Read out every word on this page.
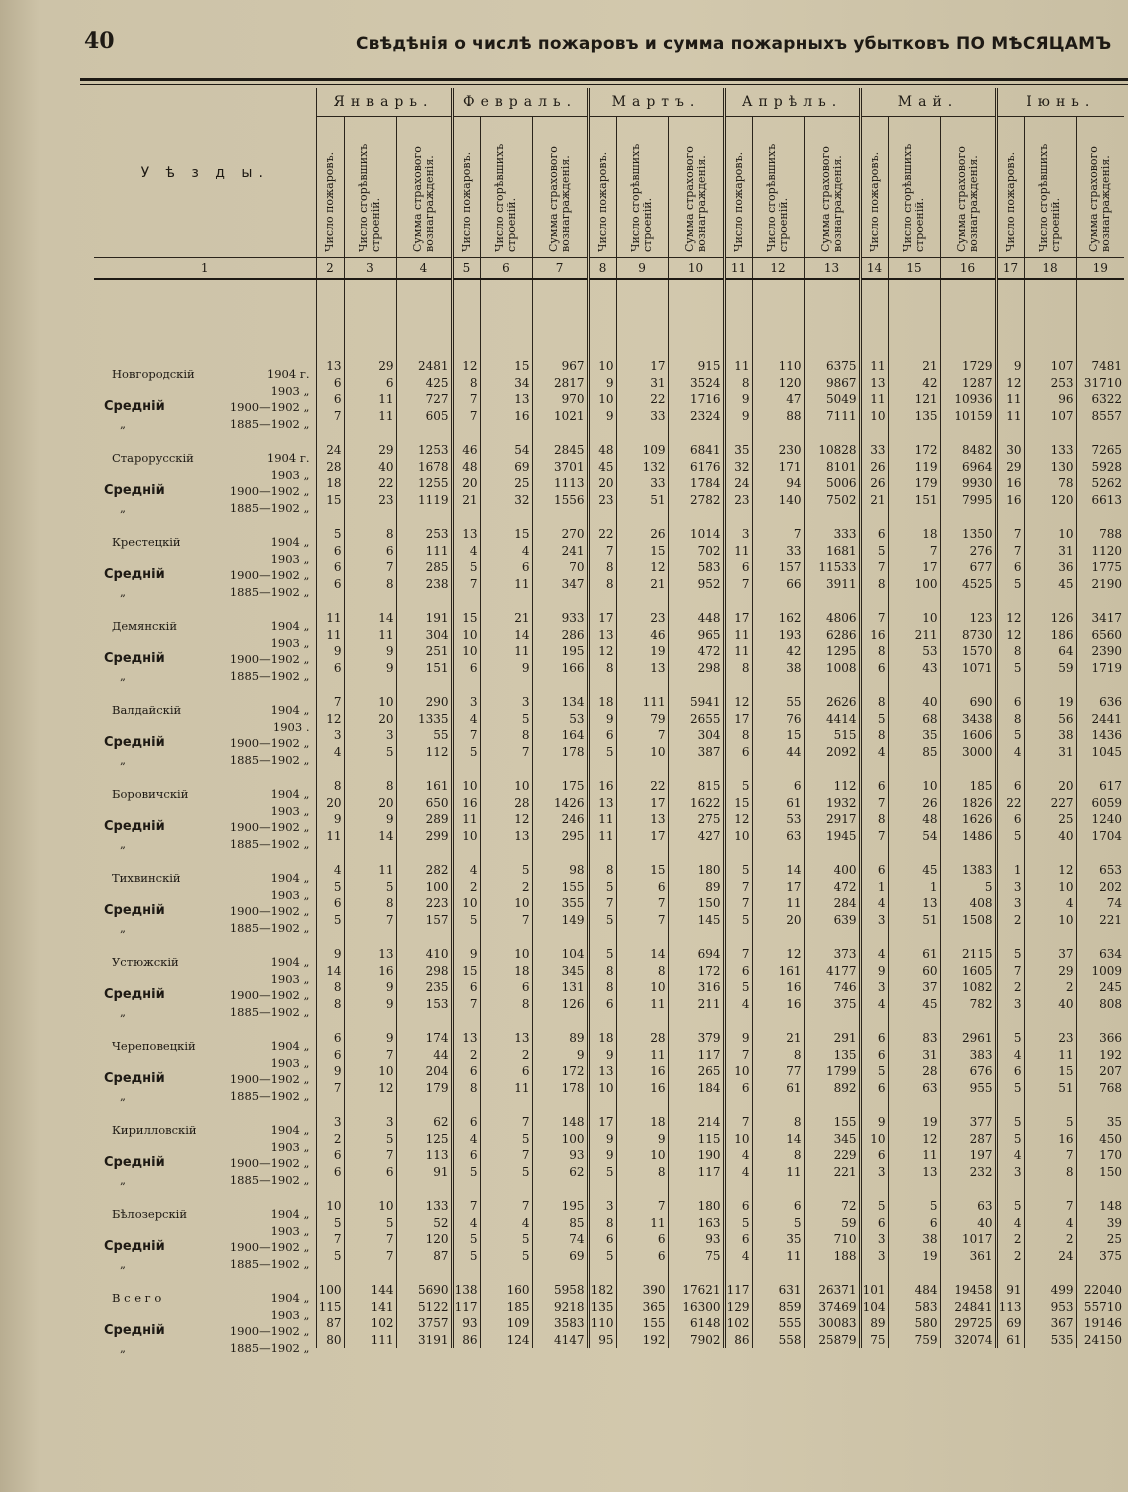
40	Свѣдѣнія о числѣ пожаровъ и сумма пожарныхъ убытковъ ПО МѢСЯЦАМЪ
У ѣ з д ы.	Январь.			Февраль.			Мартъ.			Апрѣль.			Май.			Іюнь.		

	Число пожаровъ.	Число сгорѣвшихъ строеній.	Сумма страхового вознагражденія.	Число пожаровъ.	Число сгорѣвшихъ строеній.	Сумма страхового вознагражденія.	Число пожаровъ.	Число сгорѣвшихъ строеній.	Сумма страхового вознагражденія.	Число пожаровъ.	Число сгорѣвшихъ строеній.	Сумма страхового вознагражденія.	Число пожаровъ.	Число сгорѣвшихъ строеній.	Сумма страхового вознагражденія.	Число пожаровъ.	Число сгорѣвшихъ строеній.	Сумма страхового вознагражденія.

1	2	3	4	5	6	7	8	9	10	11	12	13	14	15	16	17	18	19

Новгородскій 1904 г.	13	29	2481	12	15	967	10	17	915	11	110	6375	11	21	1729	9	107	7481

1903 „	6	6	425	8	34	2817	9	31	3524	8	120	9867	13	42	1287	12	253	31710

Средній 1900—1902 „	6	11	727	7	13	970	10	22	1716	9	47	5049	11	121	10936	11	96	6322

„ 1885—1902 „	7	11	605	7	16	1021	9	33	2324	9	88	7111	10	135	10159	11	107	8557

Старорусскій 1904 г.	24	29	1253	46	54	2845	48	109	6841	35	230	10828	33	172	8482	30	133	7265

1903 „	28	40	1678	48	69	3701	45	132	6176	32	171	8101	26	119	6964	29	130	5928

Средній 1900—1902 „	18	22	1255	20	25	1113	20	33	1784	24	94	5006	26	179	9930	16	78	5262

„ 1885—1902 „	15	23	1119	21	32	1556	23	51	2782	23	140	7502	21	151	7995	16	120	6613

Крестецкій 1904 „	5	8	253	13	15	270	22	26	1014	3	7	333	6	18	1350	7	10	788

1903 „	6	6	111	4	4	241	7	15	702	11	33	1681	5	7	276	7	31	1120

Средній 1900—1902 „	6	7	285	5	6	70	8	12	583	6	157	11533	7	17	677	6	36	1775

„ 1885—1902 „	6	8	238	7	11	347	8	21	952	7	66	3911	8	100	4525	5	45	2190

Демянскій 1904 „	11	14	191	15	21	933	17	23	448	17	162	4806	7	10	123	12	126	3417

1903 „	11	11	304	10	14	286	13	46	965	11	193	6286	16	211	8730	12	186	6560

Средній 1900—1902 „	9	9	251	10	11	195	12	19	472	11	42	1295	8	53	1570	8	64	2390

„ 1885—1902 „	6	9	151	6	9	166	8	13	298	8	38	1008	6	43	1071	5	59	1719

Валдайскій 1904 „	7	10	290	3	3	134	18	111	5941	12	55	2626	8	40	690	6	19	636

1903 .	12	20	1335	4	5	53	9	79	2655	17	76	4414	5	68	3438	8	56	2441

Средній 1900—1902 „	3	3	55	7	8	164	6	7	304	8	15	515	8	35	1606	5	38	1436

„ 1885—1902 „	4	5	112	5	7	178	5	10	387	6	44	2092	4	85	3000	4	31	1045

Боровичскій 1904 „	8	8	161	10	10	175	16	22	815	5	6	112	6	10	185	6	20	617

1903 „	20	20	650	16	28	1426	13	17	1622	15	61	1932	7	26	1826	22	227	6059

Средній 1900—1902 „	9	9	289	11	12	246	11	13	275	12	53	2917	8	48	1626	6	25	1240

„ 1885—1902 „	11	14	299	10	13	295	11	17	427	10	63	1945	7	54	1486	5	40	1704

Тихвинскій 1904 „	4	11	282	4	5	98	8	15	180	5	14	400	6	45	1383	1	12	653

1903 „	5	5	100	2	2	155	5	6	89	7	17	472	1	1	5	3	10	202

Средній 1900—1902 „	6	8	223	10	10	355	7	7	150	7	11	284	4	13	408	3	4	74

„ 1885—1902 „	5	7	157	5	7	149	5	7	145	5	20	639	3	51	1508	2	10	221

Устюжскій 1904 „	9	13	410	9	10	104	5	14	694	7	12	373	4	61	2115	5	37	634

1903 „	14	16	298	15	18	345	8	8	172	6	161	4177	9	60	1605	7	29	1009

Средній 1900—1902 „	8	9	235	6	6	131	8	10	316	5	16	746	3	37	1082	2	2	245

„ 1885—1902 „	8	9	153	7	8	126	6	11	211	4	16	375	4	45	782	3	40	808

Череповецкій 1904 „	6	9	174	13	13	89	18	28	379	9	21	291	6	83	2961	5	23	366

1903 „	6	7	44	2	2	9	9	11	117	7	8	135	6	31	383	4	11	192

Средній 1900—1902 „	9	10	204	6	6	172	13	16	265	10	77	1799	5	28	676	6	15	207

„ 1885—1902 „	7	12	179	8	11	178	10	16	184	6	61	892	6	63	955	5	51	768

Кирилловскій 1904 „	3	3	62	6	7	148	17	18	214	7	8	155	9	19	377	5	5	35

1903 „	2	5	125	4	5	100	9	9	115	10	14	345	10	12	287	5	16	450

Средній 1900—1902 „	6	7	113	6	7	93	9	10	190	4	8	229	6	11	197	4	7	170

„ 1885—1902 „	6	6	91	5	5	62	5	8	117	4	11	221	3	13	232	3	8	150

Бѣлозерскій 1904 „	10	10	133	7	7	195	3	7	180	6	6	72	5	5	63	5	7	148

1903 „	5	5	52	4	4	85	8	11	163	5	5	59	6	6	40	4	4	39

Средній 1900—1902 „	7	7	120	5	5	74	6	6	93	6	35	710	3	38	1017	2	2	25

„ 1885—1902 „	5	7	87	5	5	69	5	6	75	4	11	188	3	19	361	2	24	375

В с е г о 1904 „	100	144	5690	138	160	5958	182	390	17621	117	631	26371	101	484	19458	91	499	22040

1903 „	115	141	5122	117	185	9218	135	365	16300	129	859	37469	104	583	24841	113	953	55710

Средній 1900—1902 „	87	102	3757	93	109	3583	110	155	6148	102	555	30083	89	580	29725	69	367	19146

„ 1885—1902 „	80	111	3191	86	124	4147	95	192	7902	86	558	25879	75	759	32074	61	535	24150
